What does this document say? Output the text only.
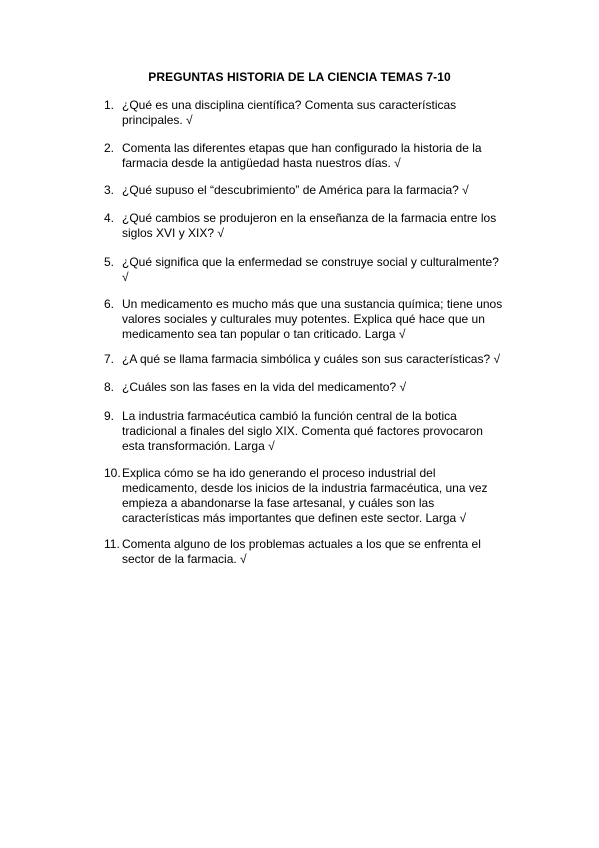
PREGUNTAS HISTORIA DE LA CIENCIA TEMAS 7-10
1. ¿Qué es una disciplina científica? Comenta sus características principales. √
2. Comenta las diferentes etapas que han configurado la historia de la farmacia desde la antigüedad hasta nuestros días. √
3. ¿Qué supuso el “descubrimiento” de América para la farmacia? √
4. ¿Qué cambios se produjeron en la enseñanza de la farmacia entre los siglos XVI y XIX? √
5. ¿Qué significa que la enfermedad se construye social y culturalmente? √
6. Un medicamento es mucho más que una sustancia química; tiene unos valores sociales y culturales muy potentes. Explica qué hace que un medicamento sea tan popular o tan criticado. Larga √
7. ¿A qué se llama farmacia simbólica y cuáles son sus características? √
8. ¿Cuáles son las fases en la vida del medicamento? √
9. La industria farmacéutica cambió la función central de la botica tradicional a finales del siglo XIX. Comenta qué factores provocaron esta transformación. Larga √
10. Explica cómo se ha ido generando el proceso industrial del medicamento, desde los inicios de la industria farmacéutica, una vez empieza a abandonarse la fase artesanal, y cuáles son las características más importantes que definen este sector. Larga √
11. Comenta alguno de los problemas actuales a los que se enfrenta el sector de la farmacia. √
